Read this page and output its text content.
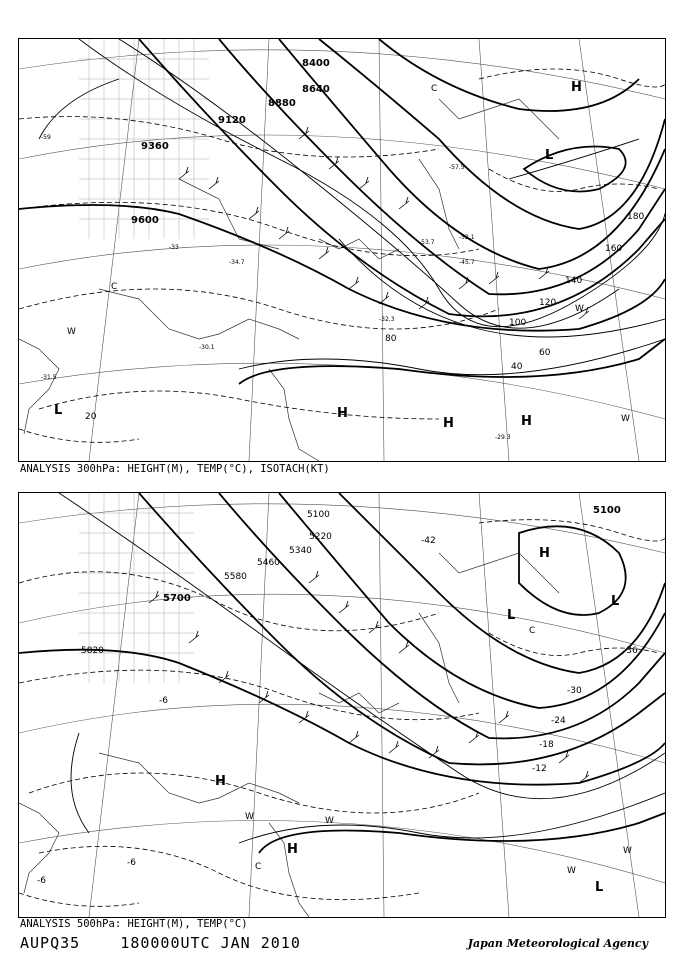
8400
8640
8880
9120
9360
9600
20
40
60
80
100
120
140
160
180
-31.5
-29.3
-33
-59
-57.5
-52.1
-45.7
-53.7
-32.3
-30.1
-34.7
L
H
H
H	H
L
C
C
W
W
W
ANALYSIS 300hPa: HEIGHT(M), TEMP(°C), ISOTACH(KT)
5100
5220
5340
5460
5580
5700
5820
5100
-42
-36
-30
-24
-18
-12
-6
-6
-6
H
L
L
C
H
H
W	W
W
W
L
C
ANALYSIS 500hPa: HEIGHT(M), TEMP(°C)
AUPQ35	180000UTC JAN 2010	Japan Meteorological Agency
